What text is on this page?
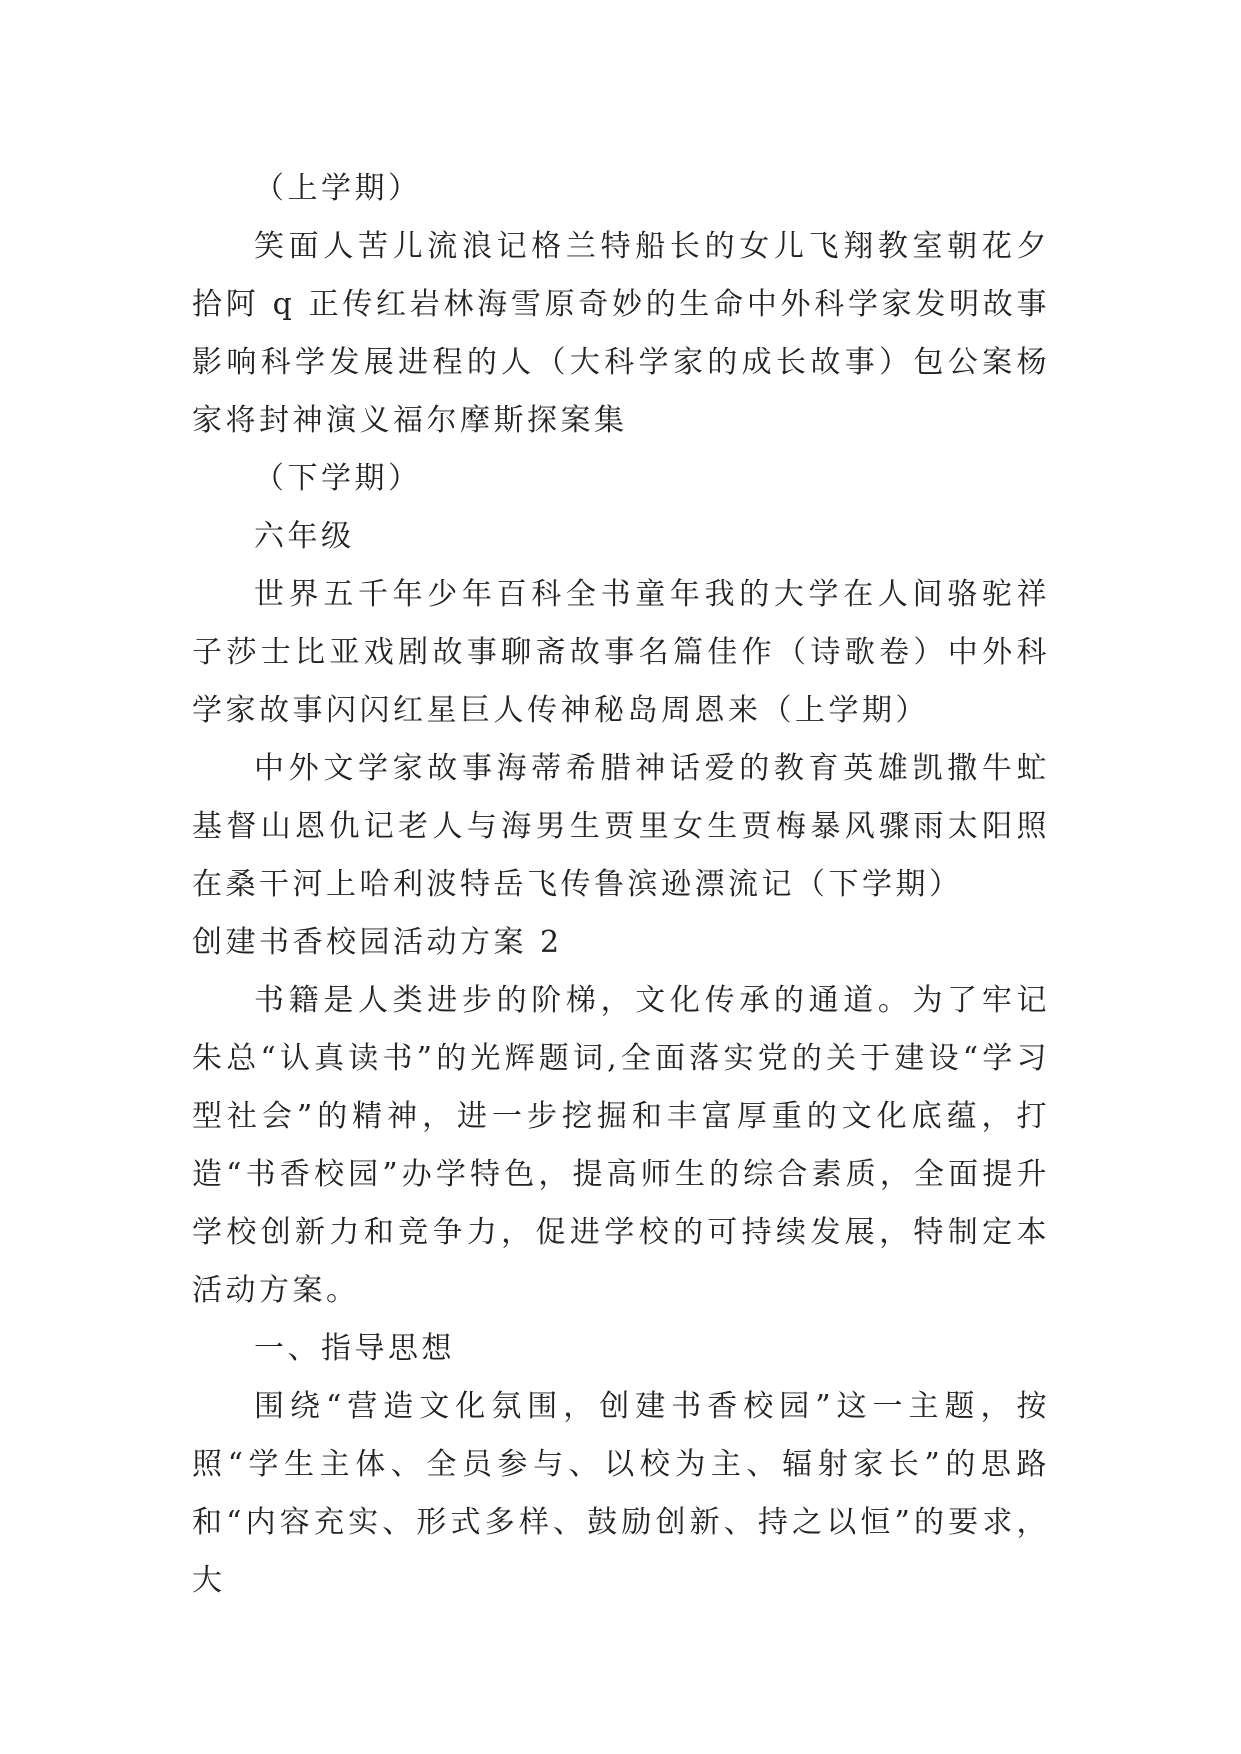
（上学期）

笑面人苦儿流浪记格兰特船长的女儿飞翔教室朝花夕拾阿 q 正传红岩林海雪原奇妙的生命中外科学家发明故事影响科学发展进程的人（大科学家的成长故事）包公案杨家将封神演义福尔摩斯探案集

（下学期）

六年级

世界五千年少年百科全书童年我的大学在人间骆驼祥子莎士比亚戏剧故事聊斋故事名篇佳作（诗歌卷）中外科学家故事闪闪红星巨人传神秘岛周恩来（上学期）

中外文学家故事海蒂希腊神话爱的教育英雄凯撒牛虻基督山恩仇记老人与海男生贾里女生贾梅暴风骤雨太阳照在桑干河上哈利波特岳飞传鲁滨逊漂流记（下学期）

创建书香校园活动方案 2

书籍是人类进步的阶梯，文化传承的通道。为了牢记朱总“认真读书”的光辉题词,全面落实党的关于建设“学习型社会”的精神，进一步挖掘和丰富厚重的文化底蕴，打造“书香校园”办学特色，提高师生的综合素质，全面提升学校创新力和竞争力，促进学校的可持续发展，特制定本活动方案。

一、指导思想

围绕“营造文化氛围，创建书香校园”这一主题，按照“学生主体、全员参与、以校为主、辐射家长”的思路和“内容充实、形式多样、鼓励创新、持之以恒”的要求，大
